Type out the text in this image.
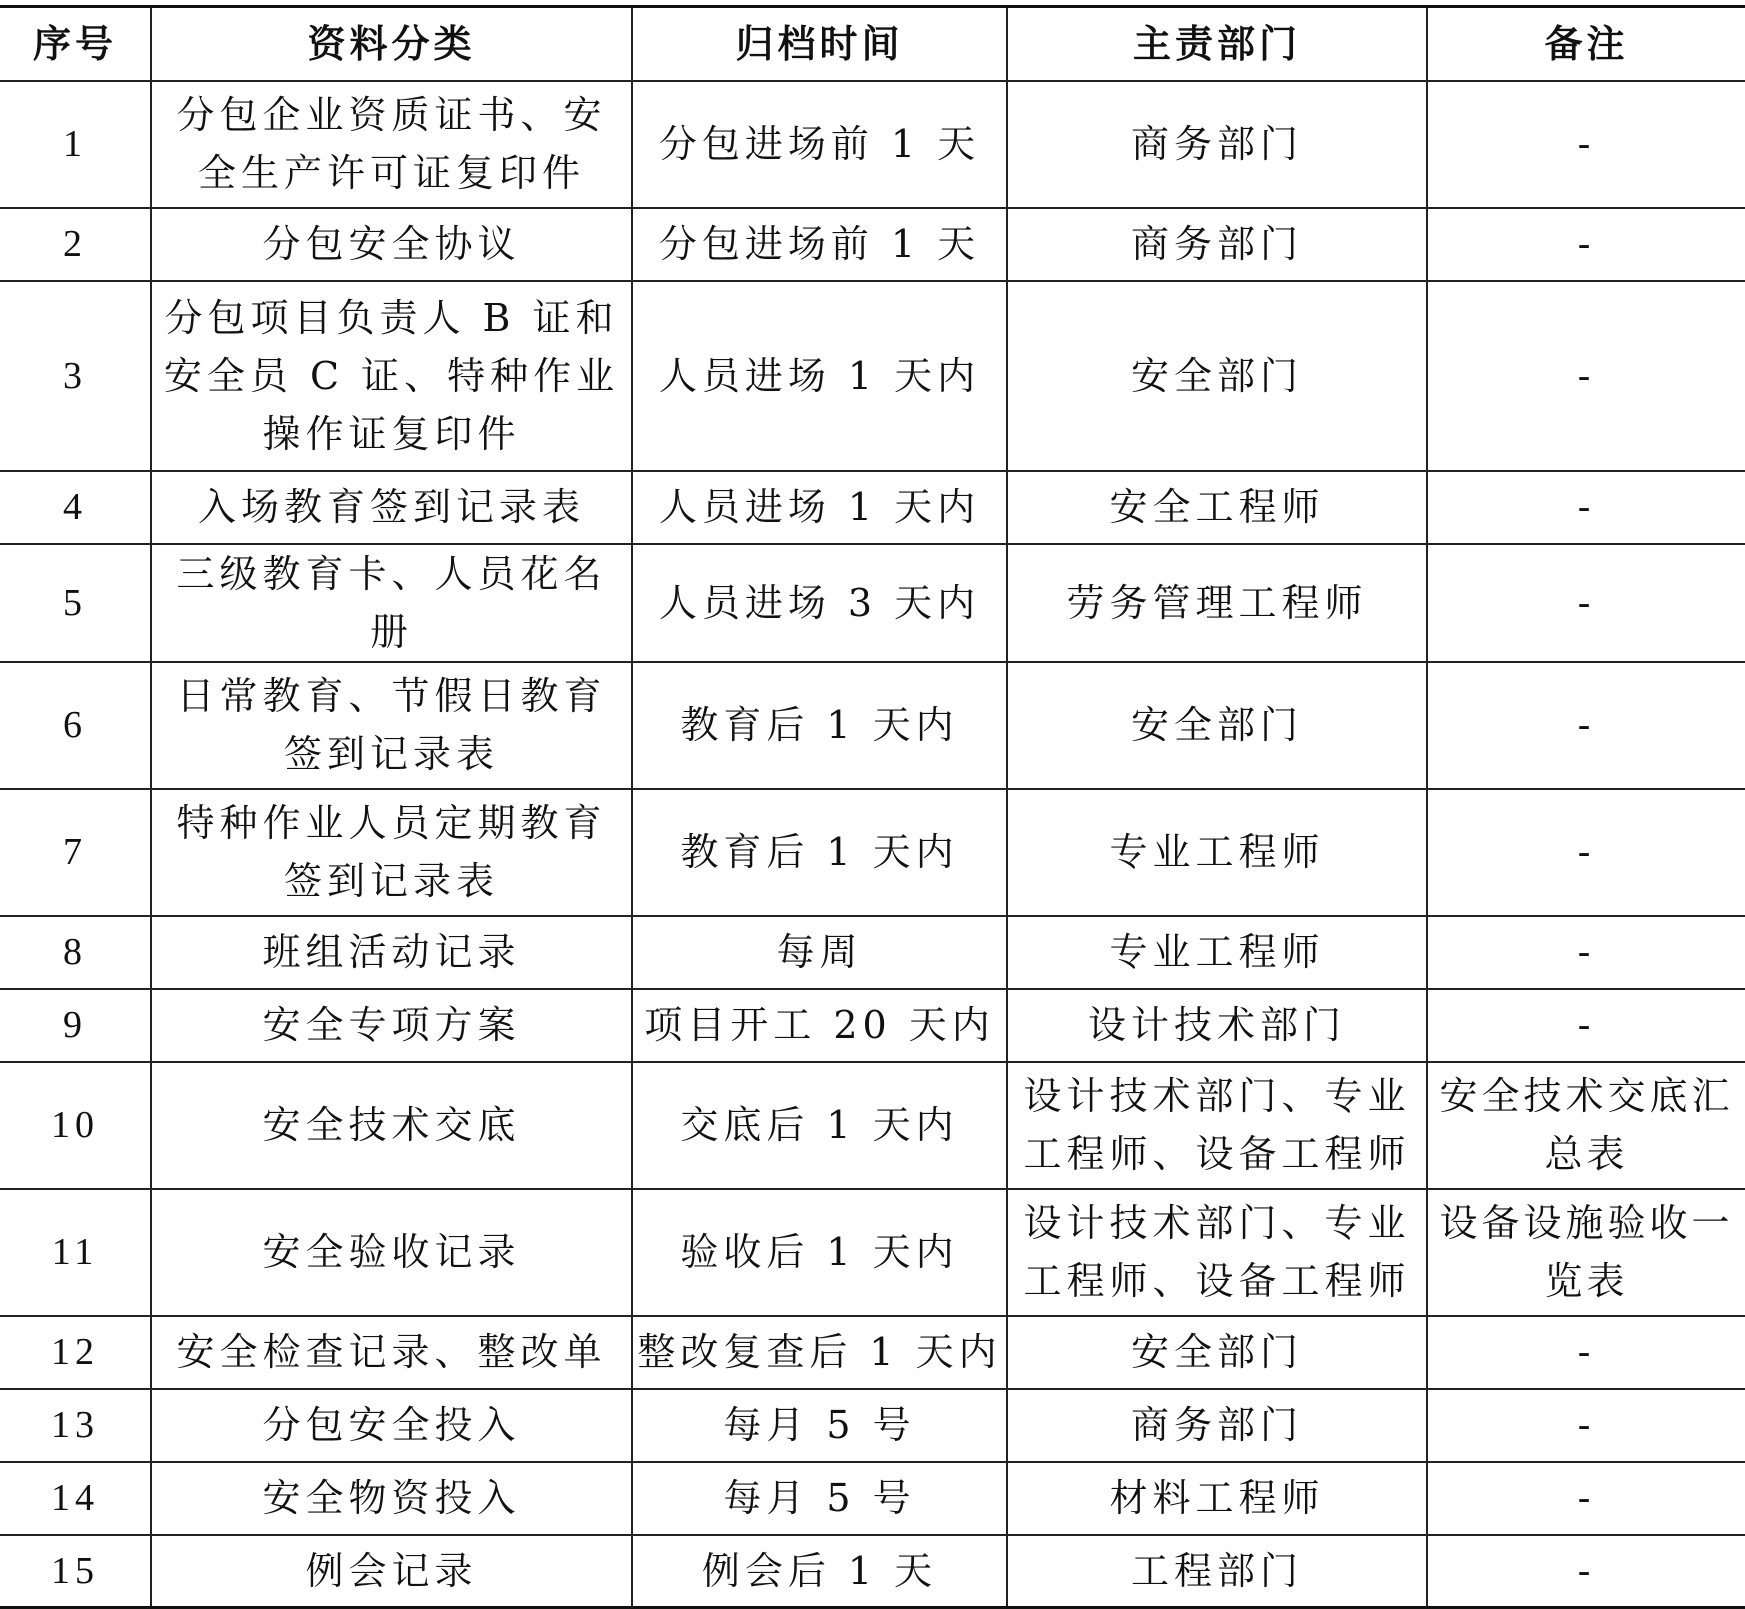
序号	资料分类	归档时间	主责部门	备注
1	分包企业资质证书、安全生产许可证复印件	分包进场前 1 天	商务部门	-
2	分包安全协议	分包进场前 1 天	商务部门	-
3	分包项目负责人 B 证和安全员 C 证、特种作业操作证复印件	人员进场 1 天内	安全部门	-
4	入场教育签到记录表	人员进场 1 天内	安全工程师	-
5	三级教育卡、人员花名册	人员进场 3 天内	劳务管理工程师	-
6	日常教育、节假日教育签到记录表	教育后 1 天内	安全部门	-
7	特种作业人员定期教育签到记录表	教育后 1 天内	专业工程师	-
8	班组活动记录	每周	专业工程师	-
9	安全专项方案	项目开工 20 天内	设计技术部门	-
10	安全技术交底	交底后 1 天内	设计技术部门、专业工程师、设备工程师	安全技术交底汇总表
11	安全验收记录	验收后 1 天内	设计技术部门、专业工程师、设备工程师	设备设施验收一览表
12	安全检查记录、整改单	整改复查后 1 天内	安全部门	-
13	分包安全投入	每月 5 号	商务部门	-
14	安全物资投入	每月 5 号	材料工程师	-
15	例会记录	例会后 1 天	工程部门	-
